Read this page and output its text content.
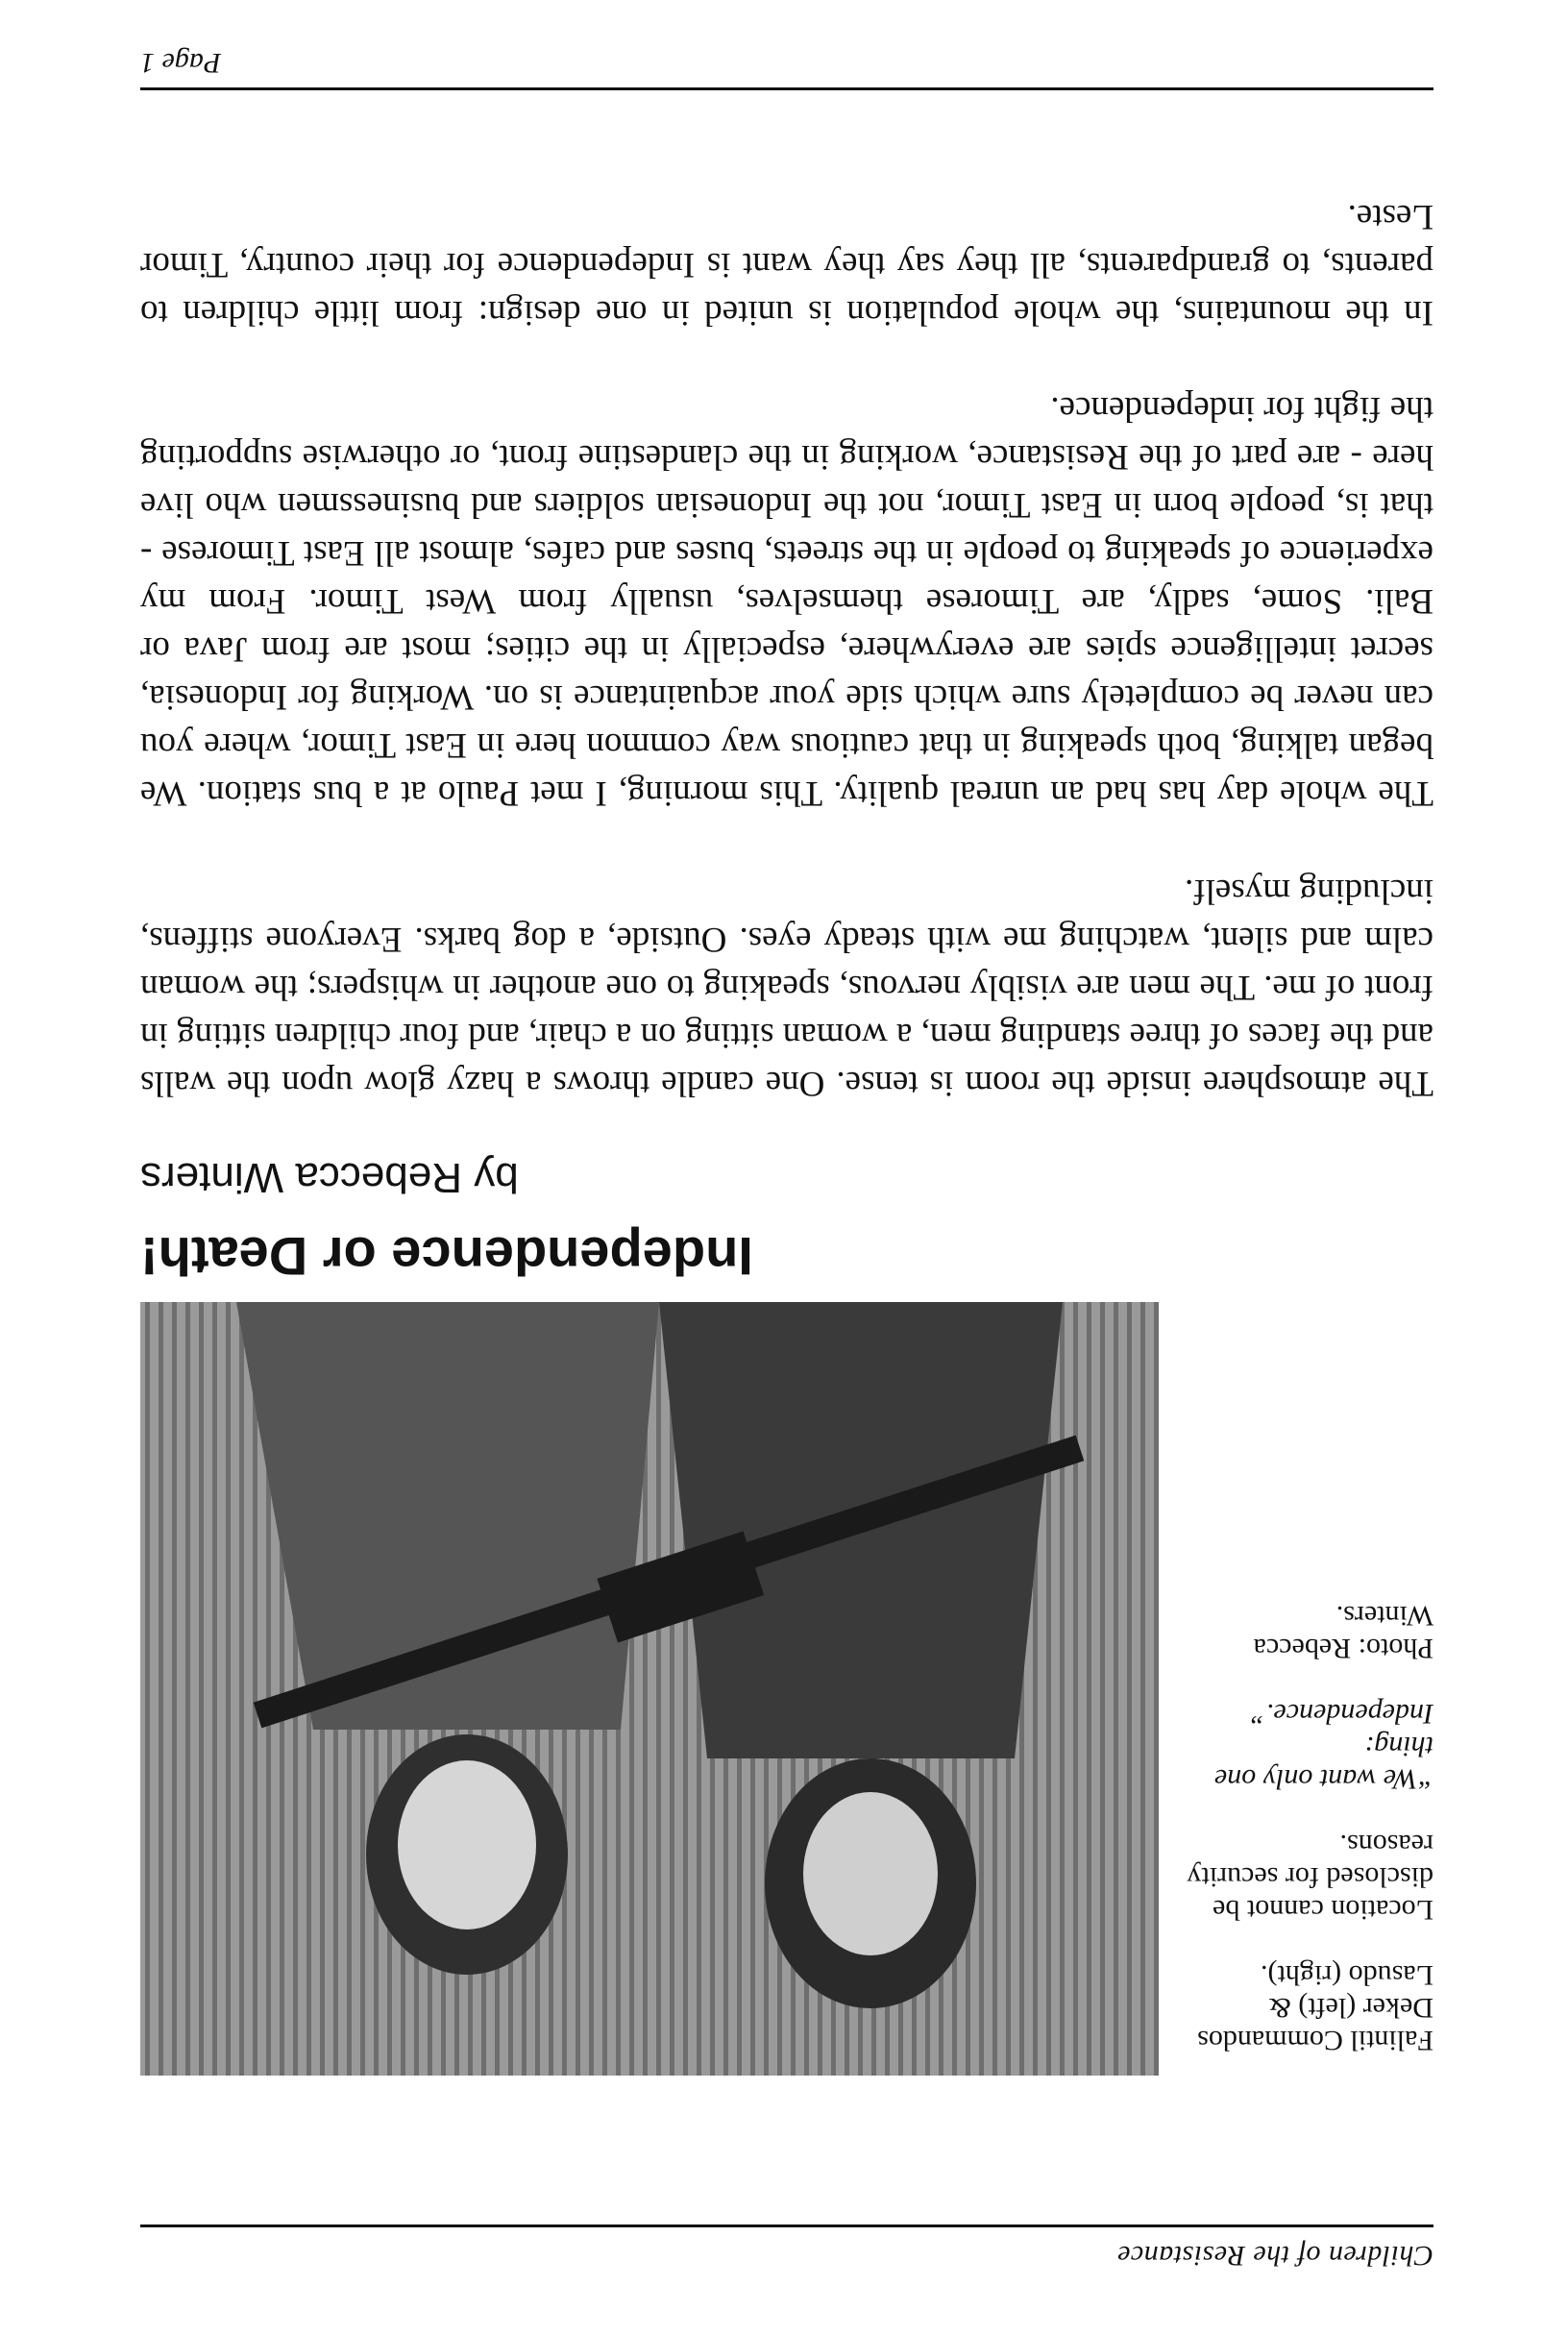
Children of the Resistance

Falintil Commandos Deker (left) & Lasudo (right).

Location cannot be disclosed for security reasons.

“We want only one thing: Independence.”

Photo: Rebecca Winters.

Independence or Death!
by Rebecca Winters

The atmosphere inside the room is tense. One candle throws a hazy glow upon the walls and the faces of three standing men, a woman sitting on a chair, and four children sitting in front of me. The men are visibly nervous, speaking to one another in whispers; the woman calm and silent, watching me with steady eyes. Outside, a dog barks. Everyone stiffens, including myself.

The whole day has had an unreal quality. This morning, I met Paulo at a bus station. We began talking, both speaking in that cautious way common here in East Timor, where you can never be completely sure which side your acquaintance is on. Working for Indonesia, secret intelligence spies are everywhere, especially in the cities; most are from Java or Bali. Some, sadly, are Timorese themselves, usually from West Timor. From my experience of speaking to people in the streets, buses and cafes, almost all East Timorese - that is, people born in East Timor, not the Indonesian soldiers and businessmen who live here - are part of the Resistance, working in the clandestine front, or otherwise supporting the fight for independence.

In the mountains, the whole population is united in one design: from little children to parents, to grandparents, all they say they want is Independence for their country, Timor Leste.

Page 1
